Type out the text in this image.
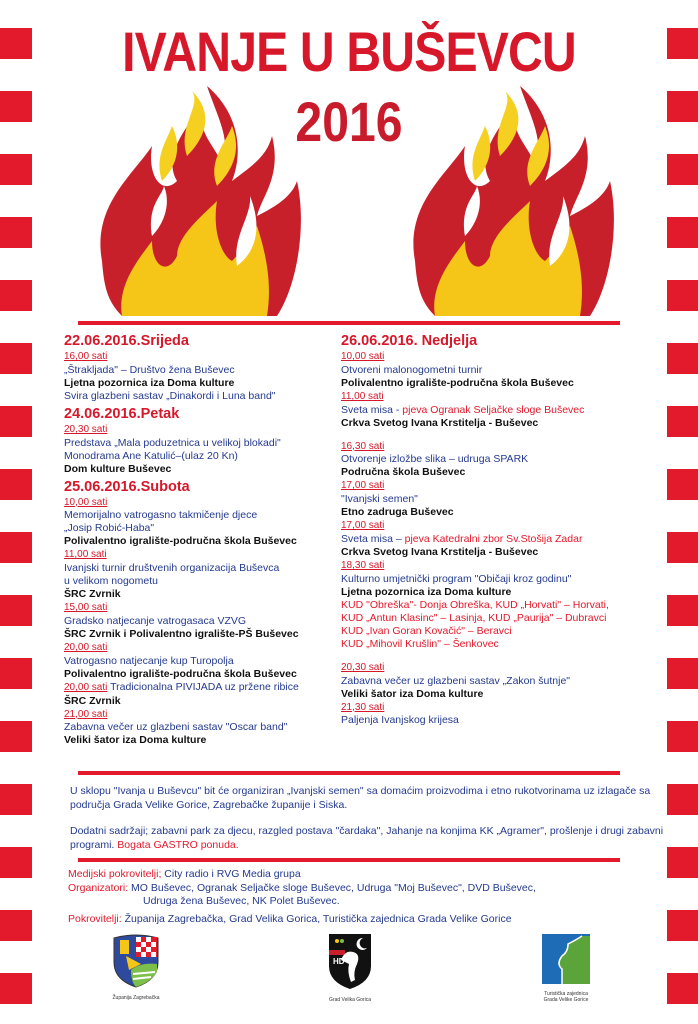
IVANJE U BUŠEVCU
2016
22.06.2016.Srijeda
16,00 sati
„Štrakljada" – Društvo žena Buševec
Ljetna pozornica iza Doma kulture
Svira glazbeni sastav „Dinakordi i Luna band"
24.06.2016.Petak
20,30 sati
Predstava „Mala poduzetnica u velikoj blokadi"
Monodrama Ane Katulić–(ulaz 20 Kn)
Dom kulture Buševec
25.06.2016.Subota
10,00 sati
Memorijalno vatrogasno takmičenje djece
„Josip Robić-Haba"
Polivalentno igralište-područna škola Buševec
11,00 sati
Ivanjski turnir društvenih organizacija Buševca
u velikom nogometu
ŠRC Zvrnik
15,00 sati
Gradsko natjecanje vatrogasaca VZVG
ŠRC Zvrnik i Polivalentno igralište-PŠ Buševec
20,00 sati
Vatrogasno natjecanje kup Turopolja
Polivalentno igralište-područna škola Buševec
20,00 sati Tradicionalna PIVIJADA uz pržene ribice
ŠRC Zvrnik
21,00 sati
Zabavna večer uz glazbeni sastav "Oscar band"
Veliki šator iza Doma kulture
26.06.2016. Nedjelja
10,00 sati
Otvoreni malonogometni turnir
Polivalentno igralište-područna škola Buševec
11,00 sati
Sveta misa - pjeva Ogranak Seljačke sloge Buševec
Crkva Svetog Ivana Krstitelja - Buševec
16,30 sati
Otvorenje izložbe slika – udruga SPARK
Područna škola Buševec
17,00 sati
"Ivanjski semen"
Etno zadruga Buševec
17,00 sati
Sveta misa – pjeva Katedralni zbor Sv.Stošija Zadar
Crkva Svetog Ivana Krstitelja - Buševec
18,30 sati
Kulturno umjetnički program "Običaji kroz godinu"
Ljetna pozornica iza Doma kulture
KUD "Obreška"- Donja Obreška, KUD „Horvati" – Horvati,
KUD „Antun Klasinc" – Lasinja, KUD „Paurija" – Dubravci
KUD „Ivan Goran Kovačić" – Beravci
KUD „Mihovil Krušlin" – Šenkovec
20,30 sati
Zabavna večer uz glazbeni sastav „Zakon šutnje"
Veliki šator iza Doma kulture
21,30 sati
Paljenja Ivanjskog krijesa
U sklopu "Ivanja u Buševcu" bit će organiziran „Ivanjski semen" sa domaćim proizvodima i etno rukotvorinama uz izlagače sa područja Grada Velike Gorice, Zagrebačke županije i Siska.
Dodatni sadržaji; zabavni park za djecu, razgled postava "čardaka", Jahanje na konjima KK „Agramer", prošlenje i drugi zabavni programi. Bogata GASTRO ponuda.
Medijski pokrovitelji; City radio i RVG Media grupa
Organizatori: MO Buševec, Ogranak Seljačke sloge Buševec, Udruga "Moj Buševec", DVD Buševec,
Udruga žena Buševec, NK Polet Buševec.
Pokrovitelji: Županija Zagrebačka, Grad Velika Gorica, Turistička zajednica Grada Velike Gorice
Županija Zagrebačka
HD
Grad Velika Gorica
Turistička zajednica
Grada Velike Gorice
